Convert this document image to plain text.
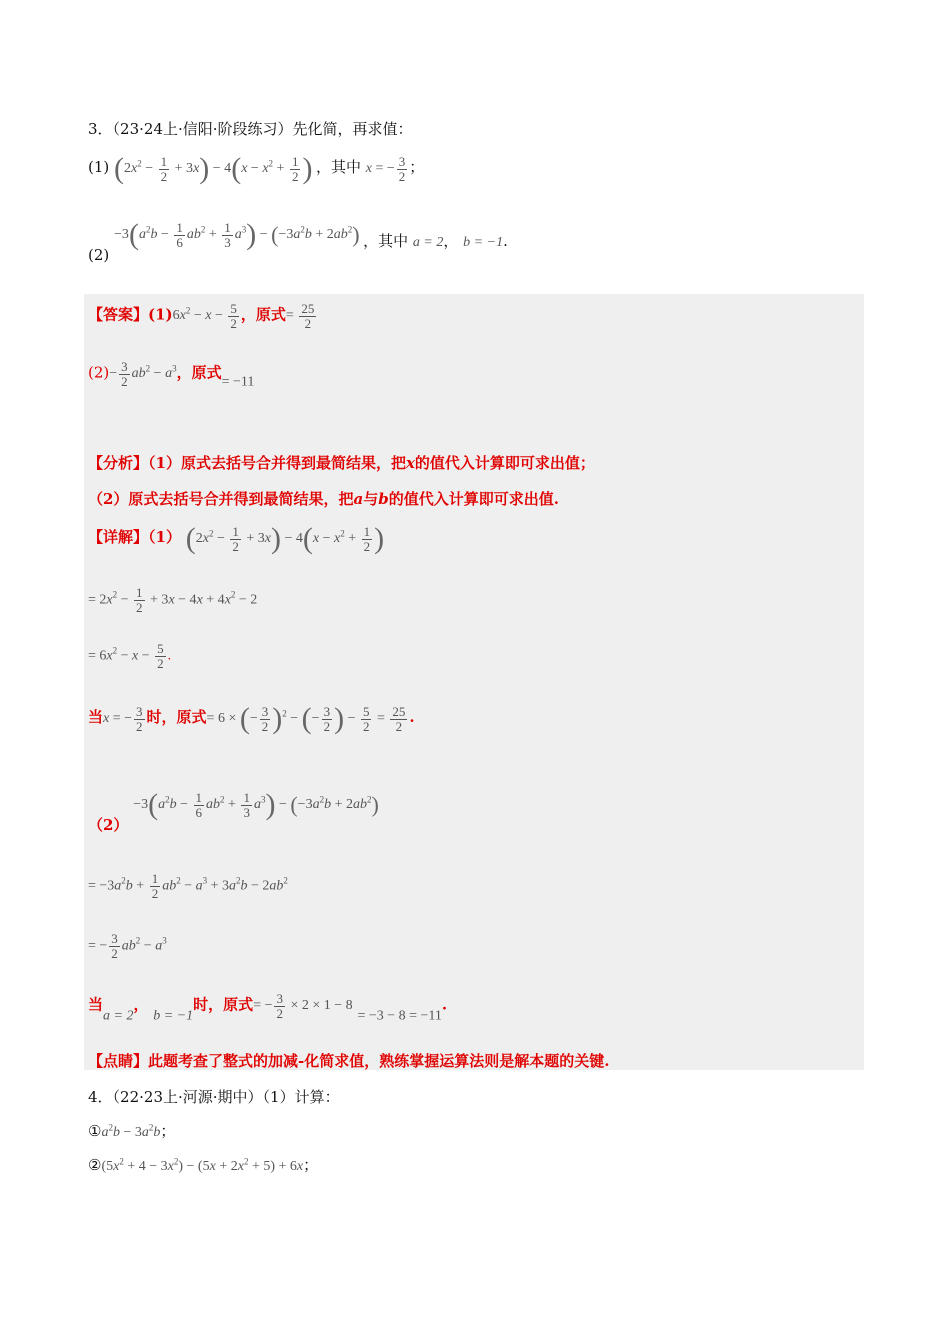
3．（23·24上·信阳·阶段练习）先化简，再求值：
(1) $(2x^2 - \frac{1}{2} + 3x) - 4(x - x^2 + \frac{1}{2}$ ) ，其中 x = − $\frac{3}{2}$ ；
$(2) -3(a^2b - \frac{1}{6} ab^2 + \frac{1}{3} a^3) - (-3a^2b + 2ab^2)$ ，其中 a = 2， b = −1.
【答案】$(1)6x^2 - x - \frac{5}{2}$ ，原式= $\frac{25}{2}$
$(2)- \frac{3}{2} ab^2 - a^3$，原式= −11
【分析】（1）原式去括号合并得到最简结果，把x的值代入计算即可求出值；
（2）原式去括号合并得到最简结果，把a与b的值代入计算即可求出值.
【详解】（1） $(2x^2 - \frac{1}{2} + 3x) - 4(x - x^2 + \frac{1}{2}$ )
= $2x^2 - \frac{1}{2} + 3x - 4x + 4x^2 - 2$
= $6x^2 - x - \frac{5}{2}$ .
当x = − $\frac{3}{2}$ 时，原式= 6 × (− $\frac{3}{2} )^2$ − (− $\frac{3}{2}$ ) − $\frac{5}{2} = \frac{25}{2}$ .
$(2) -3(a^2b - \frac{1}{6} ab^2 + \frac{1}{3} a^3) - (-3a^2b + 2ab^2)$
= $-3a^2b + \frac{1}{2} ab^2 - a^3 + 3a^2b - 2ab^2$
= − $\frac{3}{2} ab^2 - a^3$
当a = 2， b = −1时，原式= − $\frac{3}{2} \times 2 \times 1 - 8 = -3 - 8 = -11$.
【点睛】此题考查了整式的加减-化简求值，熟练掌握运算法则是解本题的关键.
4．（22·23上·河源·期中）（1）计算：
$①a^2b - 3a^2b$；
$②(5x^2 + 4 - 3x^2) - (5x + 2x^2 + 5) + 6x$；
